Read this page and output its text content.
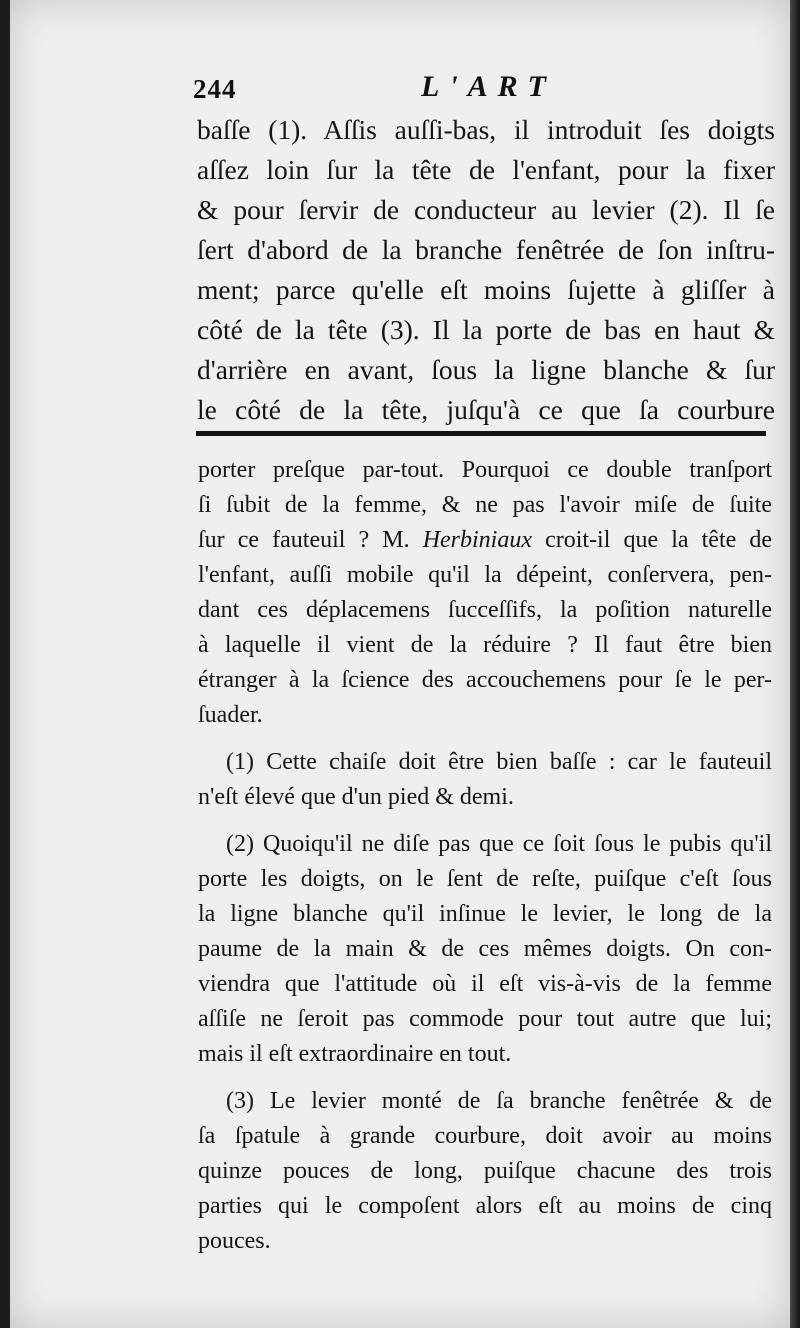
244	L'ART
baſſe (1). Aſſis auſſi-bas, il introduit ſes doigts
aſſez loin ſur la tête de l'enfant, pour la fixer
& pour ſervir de conducteur au levier (2). Il ſe
ſert d'abord de la branche fenêtrée de ſon inſtru-
ment; parce qu'elle eſt moins ſujette à gliſſer à
côté de la tête (3). Il la porte de bas en haut &
d'arrière en avant, ſous la ligne blanche & ſur
le côté de la tête, juſqu'à ce que ſa courbure

porter preſque par-tout. Pourquoi ce double tranſport
ſi ſubit de la femme, & ne pas l'avoir miſe de ſuite
ſur ce fauteuil ? M. Herbiniaux croit-il que la tête de
l'enfant, auſſi mobile qu'il la dépeint, conſervera, pen-
dant ces déplacemens ſucceſſifs, la poſition naturelle
à laquelle il vient de la réduire ? Il faut être bien
étranger à la ſcience des accouchemens pour ſe le per-
ſuader.

(1) Cette chaiſe doit être bien baſſe : car le fauteuil
n'eſt élevé que d'un pied & demi.

(2) Quoiqu'il ne diſe pas que ce ſoit ſous le pubis qu'il
porte les doigts, on le ſent de reſte, puiſque c'eſt ſous
la ligne blanche qu'il inſinue le levier, le long de la
paume de la main & de ces mêmes doigts. On con-
viendra que l'attitude où il eſt vis-à-vis de la femme
aſſiſe ne ſeroit pas commode pour tout autre que lui;
mais il eſt extraordinaire en tout.

(3) Le levier monté de ſa branche fenêtrée & de
ſa ſpatule à grande courbure, doit avoir au moins
quinze pouces de long, puiſque chacune des trois
parties qui le compoſent alors eſt au moins de cinq
pouces.
